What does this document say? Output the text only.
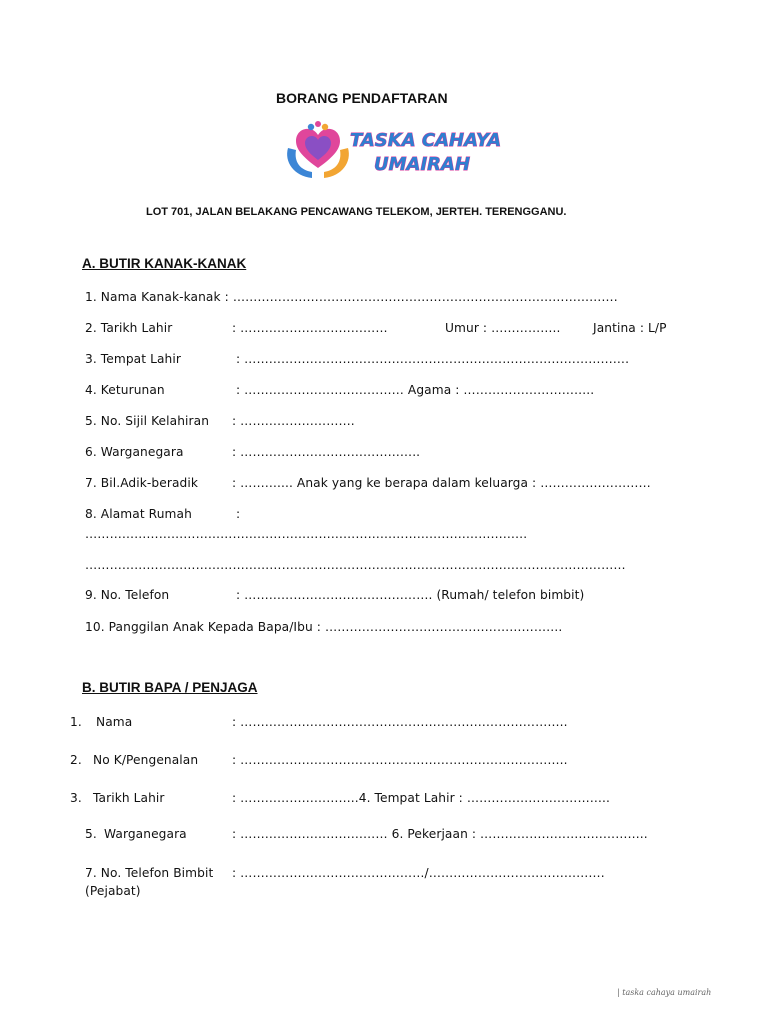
BORANG PENDAFTARAN
TASKA CAHAYA
UMAIRAH
LOT 701, JALAN BELAKANG PENCAWANG TELEKOM, JERTEH. TERENGGANU.
A. BUTIR KANAK-KANAK
1. Nama Kanak-kanak : ………………………………………………………………………………….
2. Tarikh Lahir	: ………………………………	Umur : ……………..	Jantina : L/P
3. Tempat Lahir	: ………………………………………………………………………………….
4. Keturunan	: ………………………………… Agama : …………………………..
5. No. Sijil Kelahiran : ……………………….
6. Warganegara	: ……………………………………..
7. Bil.Adik-beradik	: ……….... Anak yang ke berapa dalam keluarga : ………………………
8. Alamat Rumah	:
………………………………………………………………………………………………
……………………………………………………………………………………………………………………
9. No. Telefon	: ………………………………………. (Rumah/ telefon bimbit)
10. Panggilan Anak Kepada Bapa/Ibu : ………………………………………………….
B. BUTIR BAPA / PENJAGA
1. Nama	: ……………………………………………………………………..
2. No K/Pengenalan	: ……………………………………………………………………..
3. Tarikh Lahir	: ………………………..4. Tempat Lahir : ……………………………..
5. Warganegara	: ……………………………… 6. Pekerjaan : …………………………………..
7. No. Telefon Bimbit : ………………………………………/…………………………………….
(Pejabat)
| taska cahaya umairah
